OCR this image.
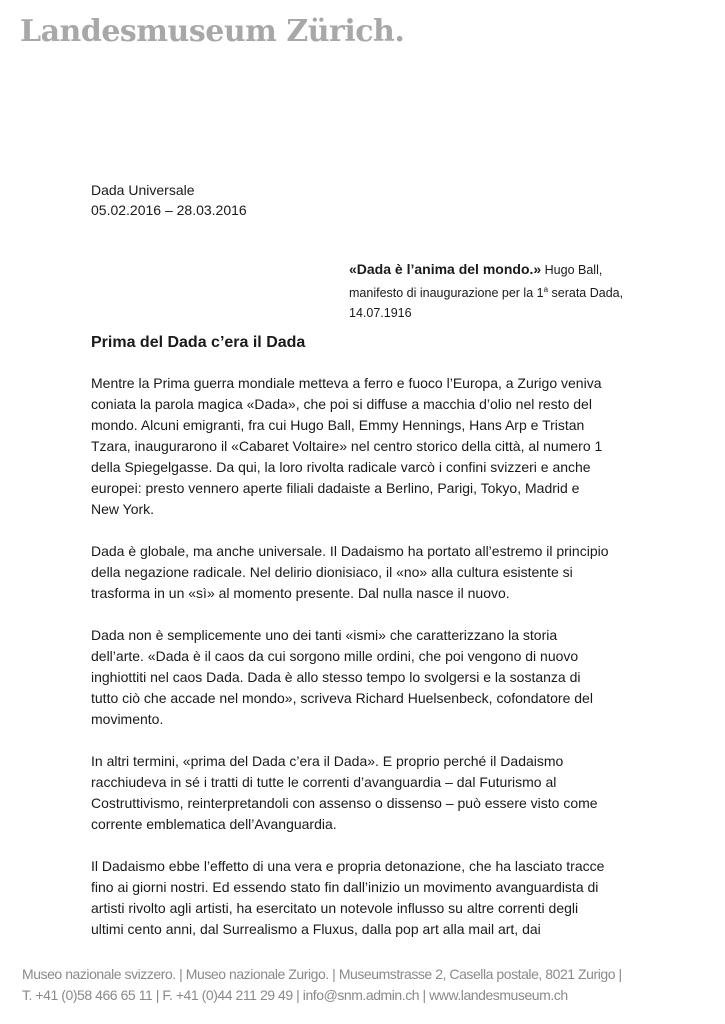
Landesmuseum Zürich.
Dada Universale
05.02.2016 – 28.03.2016
«Dada è l’anima del mondo.» Hugo Ball,
manifesto di inaugurazione per la 1$^a$ serata Dada,
14.07.1916
Prima del Dada c’era il Dada

Mentre la Prima guerra mondiale metteva a ferro e fuoco l’Europa, a Zurigo veniva
coniata la parola magica «Dada», che poi si diffuse a macchia d’olio nel resto del
mondo. Alcuni emigranti, fra cui Hugo Ball, Emmy Hennings, Hans Arp e Tristan
Tzara, inaugurarono il «Cabaret Voltaire» nel centro storico della città, al numero 1
della Spiegelgasse. Da qui, la loro rivolta radicale varcò i confini svizzeri e anche
europei: presto vennero aperte filiali dadaiste a Berlino, Parigi, Tokyo, Madrid e
New York.

Dada è globale, ma anche universale. Il Dadaismo ha portato all’estremo il principio
della negazione radicale. Nel delirio dionisiaco, il «no» alla cultura esistente si
trasforma in un «sì» al momento presente. Dal nulla nasce il nuovo.

Dada non è semplicemente uno dei tanti «ismi» che caratterizzano la storia
dell’arte. «Dada è il caos da cui sorgono mille ordini, che poi vengono di nuovo
inghiottiti nel caos Dada. Dada è allo stesso tempo lo svolgersi e la sostanza di
tutto ciò che accade nel mondo», scriveva Richard Huelsenbeck, cofondatore del
movimento.

In altri termini, «prima del Dada c’era il Dada». E proprio perché il Dadaismo
racchiudeva in sé i tratti di tutte le correnti d’avanguardia – dal Futurismo al
Costruttivismo, reinterpretandoli con assenso o dissenso – può essere visto come
corrente emblematica dell’Avanguardia.

Il Dadaismo ebbe l’effetto di una vera e propria detonazione, che ha lasciato tracce
fino ai giorni nostri. Ed essendo stato fin dall’inizio un movimento avanguardista di
artisti rivolto agli artisti, ha esercitato un notevole influsso su altre correnti degli
ultimi cento anni, dal Surrealismo a Fluxus, dalla pop art alla mail art, dai

Museo nazionale svizzero. | Museo nazionale Zurigo. | Museumstrasse 2, Casella postale, 8021 Zurigo |
T. +41 (0)58 466 65 11 | F. +41 (0)44 211 29 49 | info@snm.admin.ch | www.landesmuseum.ch
